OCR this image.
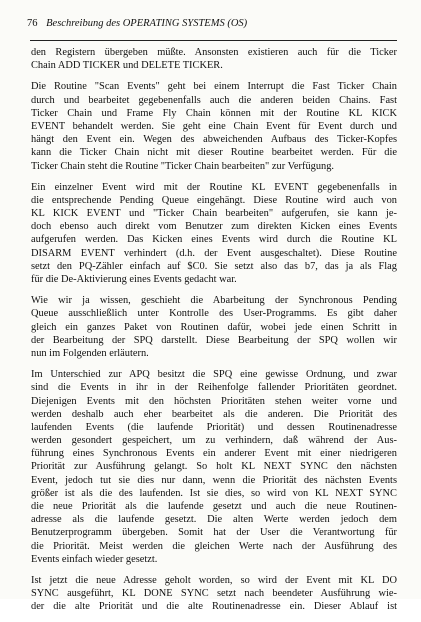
76 Beschreibung des OPERATING SYSTEMS (OS)
den Registern übergeben müßte. Ansonsten existieren auch für die Ticker
Chain ADD TICKER und DELETE TICKER.
Die Routine "Scan Events" geht bei einem Interrupt die Fast Ticker Chain
durch und bearbeitet gegebenenfalls auch die anderen beiden Chains. Fast
Ticker Chain und Frame Fly Chain können mit der Routine KL KICK
EVENT behandelt werden. Sie geht eine Chain Event für Event durch und
hängt den Event ein. Wegen des abweichenden Aufbaus des Ticker-Kopfes
kann die Ticker Chain nicht mit dieser Routine bearbeitet werden. Für die
Ticker Chain steht die Routine "Ticker Chain bearbeiten" zur Verfügung.
Ein einzelner Event wird mit der Routine KL EVENT gegebenenfalls in
die entsprechende Pending Queue eingehängt. Diese Routine wird auch von
KL KICK EVENT und "Ticker Chain bearbeiten" aufgerufen, sie kann je-
doch ebenso auch direkt vom Benutzer zum direkten Kicken eines Events
aufgerufen werden. Das Kicken eines Events wird durch die Routine KL
DISARM EVENT verhindert (d.h. der Event ausgeschaltet). Diese Routine
setzt den PQ-Zähler einfach auf $C0. Sie setzt also das b7, das ja als Flag
für die De-Aktivierung eines Events gedacht war.
Wie wir ja wissen, geschieht die Abarbeitung der Synchronous Pending
Queue ausschließlich unter Kontrolle des User-Programms. Es gibt daher
gleich ein ganzes Paket von Routinen dafür, wobei jede einen Schritt in
der Bearbeitung der SPQ darstellt. Diese Bearbeitung der SPQ wollen wir
nun im Folgenden erläutern.
Im Unterschied zur APQ besitzt die SPQ eine gewisse Ordnung, und zwar
sind die Events in ihr in der Reihenfolge fallender Prioritäten geordnet.
Diejenigen Events mit den höchsten Prioritäten stehen weiter vorne und
werden deshalb auch eher bearbeitet als die anderen. Die Priorität des
laufenden Events (die laufende Priorität) und dessen Routinenadresse
werden gesondert gespeichert, um zu verhindern, daß während der Aus-
führung eines Synchronous Events ein anderer Event mit einer niedrigeren
Priorität zur Ausführung gelangt. So holt KL NEXT SYNC den nächsten
Event, jedoch tut sie dies nur dann, wenn die Priorität des nächsten Events
größer ist als die des laufenden. Ist sie dies, so wird von KL NEXT SYNC
die neue Priorität als die laufende gesetzt und auch die neue Routinen-
adresse als die laufende gesetzt. Die alten Werte werden jedoch dem
Benutzerprogramm übergeben. Somit hat der User die Verantwortung für
die Priorität. Meist werden die gleichen Werte nach der Ausführung des
Events einfach wieder gesetzt.
Ist jetzt die neue Adresse geholt worden, so wird der Event mit KL DO
SYNC ausgeführt, KL DONE SYNC setzt nach beendeter Ausführung wie-
der die alte Priorität und die alte Routinenadresse ein. Dieser Ablauf ist
